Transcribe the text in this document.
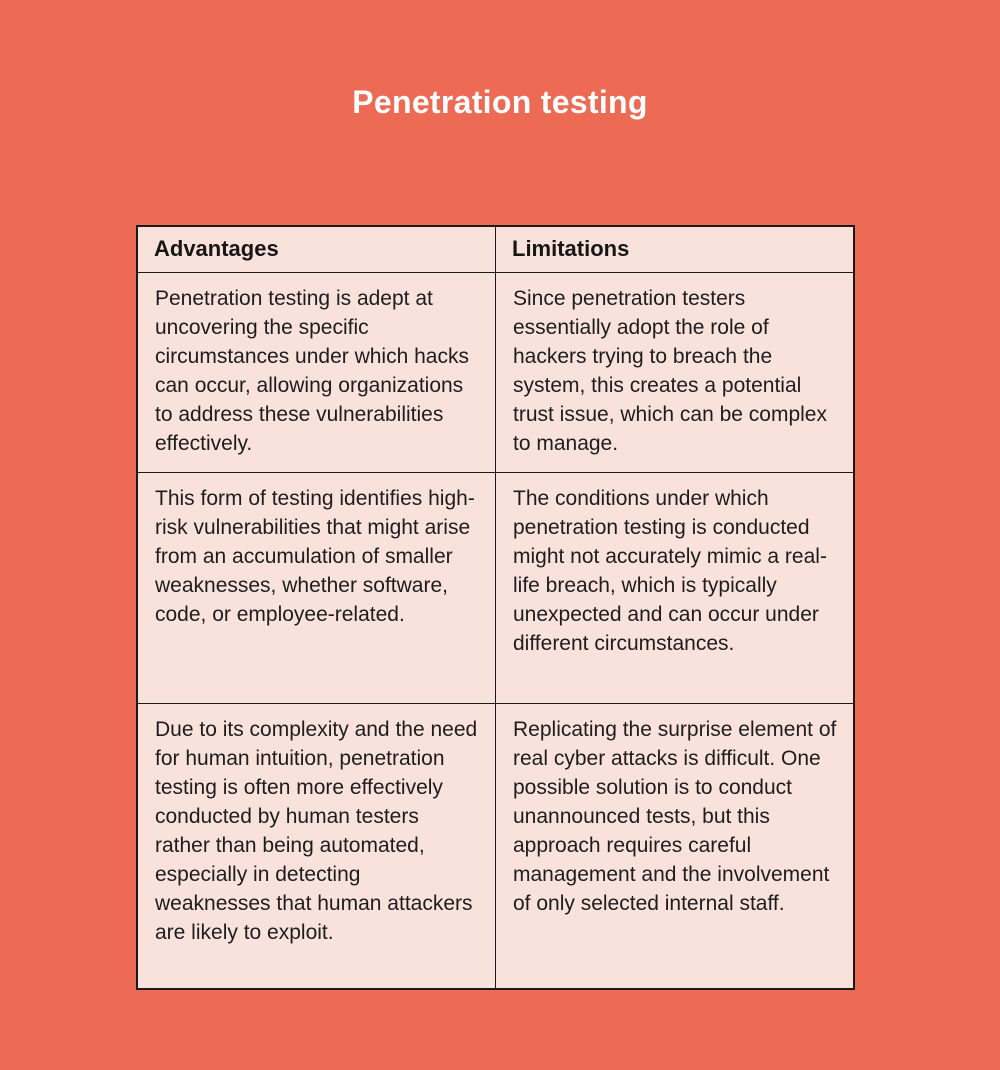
Penetration testing
Advantages	Limitations
Penetration testing is adept at uncovering the specific circumstances under which hacks can occur, allowing organizations to address these vulnerabilities effectively.	Since penetration testers essentially adopt the role of hackers trying to breach the system, this creates a potential trust issue, which can be complex to manage.
This form of testing identifies high-risk vulnerabilities that might arise from an accumulation of smaller weaknesses, whether software, code, or employee-related.	The conditions under which penetration testing is conducted might not accurately mimic a real-life breach, which is typically unexpected and can occur under different circumstances.
Due to its complexity and the need for human intuition, penetration testing is often more effectively conducted by human testers rather than being automated, especially in detecting weaknesses that human attackers are likely to exploit.	Replicating the surprise element of real cyber attacks is difficult. One possible solution is to conduct unannounced tests, but this approach requires careful management and the involvement of only selected internal staff.
